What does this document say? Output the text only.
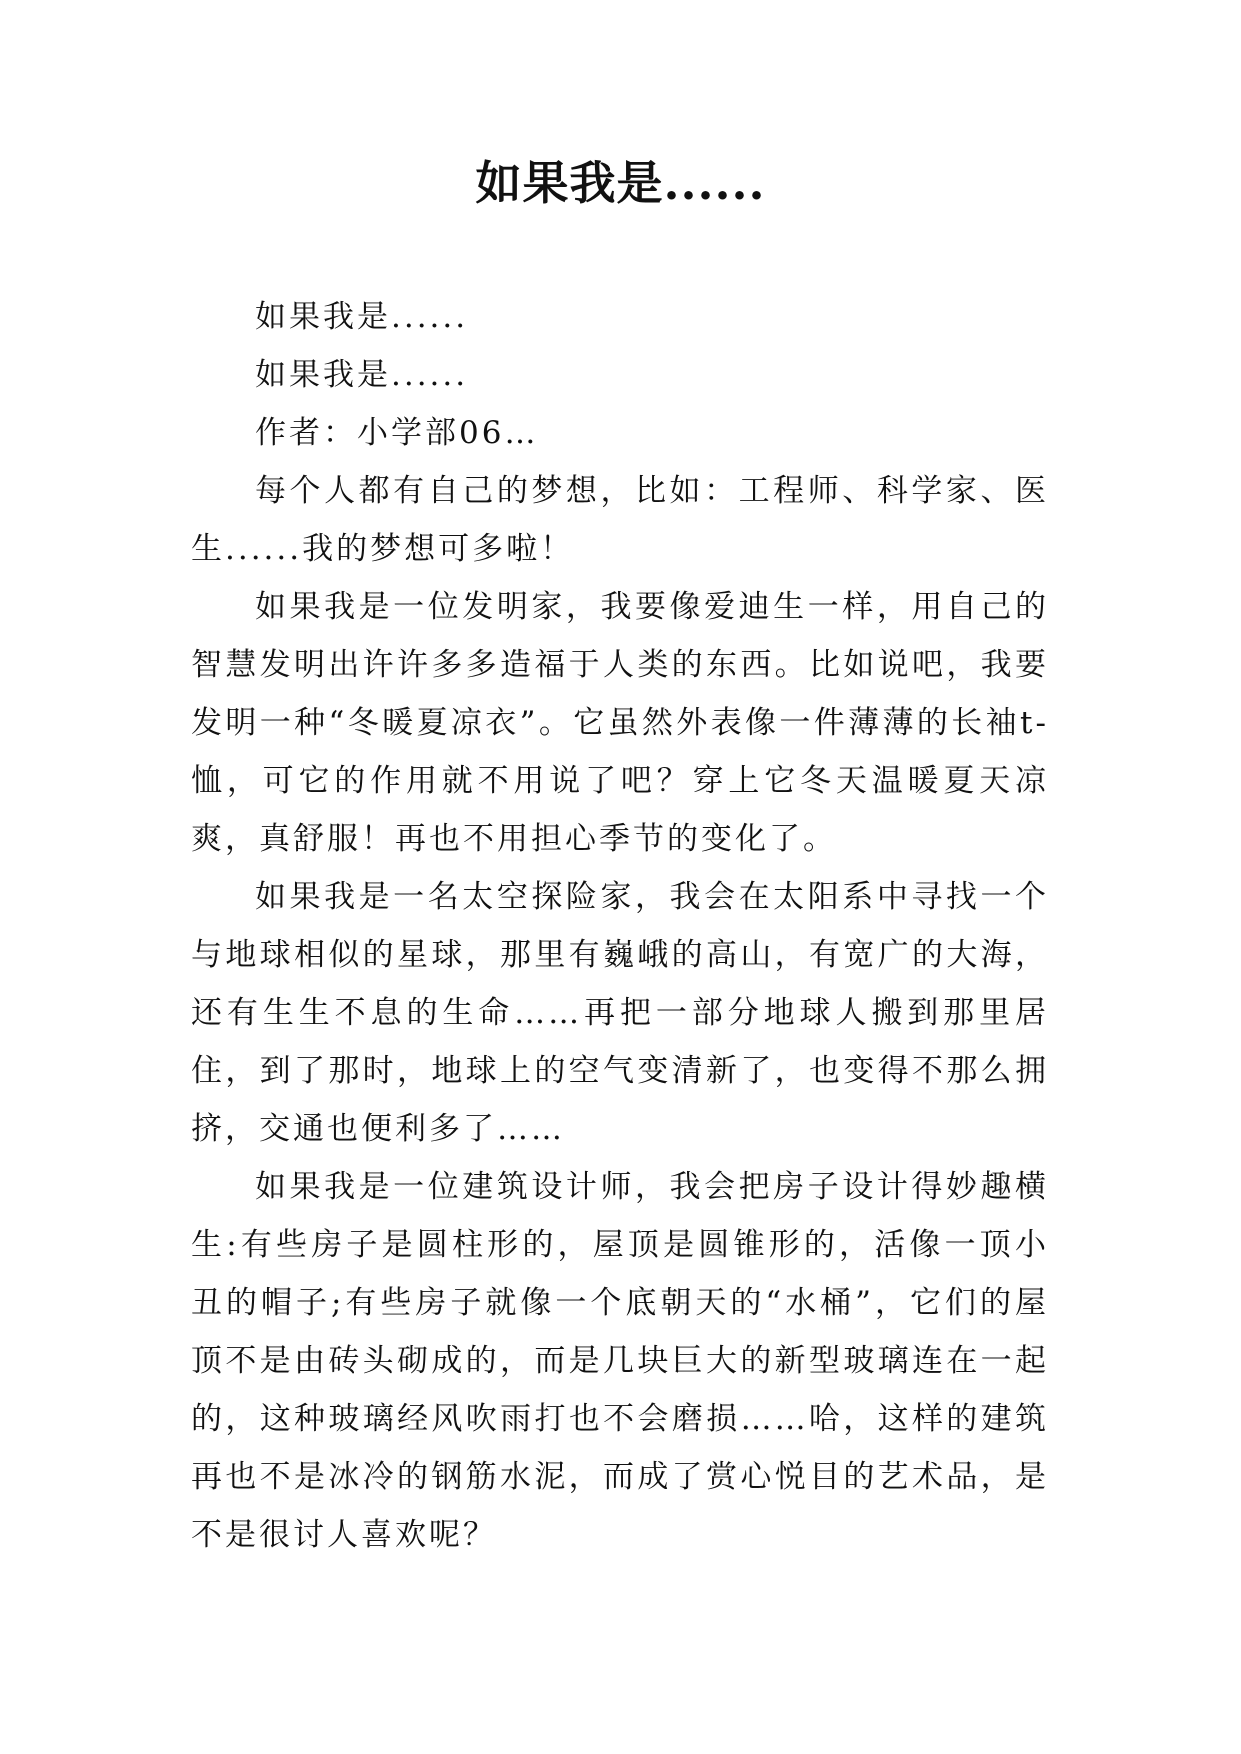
如果我是......

如果我是......

如果我是......

作者：小学部06…

每个人都有自己的梦想，比如：工程师、科学家、医生......我的梦想可多啦！

如果我是一位发明家，我要像爱迪生一样，用自己的智慧发明出许许多多造福于人类的东西。比如说吧，我要发明一种“冬暖夏凉衣”。它虽然外表像一件薄薄的长袖t-恤，可它的作用就不用说了吧？穿上它冬天温暖夏天凉爽，真舒服！再也不用担心季节的变化了。

如果我是一名太空探险家，我会在太阳系中寻找一个与地球相似的星球，那里有巍峨的高山，有宽广的大海，还有生生不息的生命……再把一部分地球人搬到那里居住，到了那时，地球上的空气变清新了，也变得不那么拥挤，交通也便利多了……

如果我是一位建筑设计师，我会把房子设计得妙趣横生:有些房子是圆柱形的，屋顶是圆锥形的，活像一顶小丑的帽子;有些房子就像一个底朝天的“水桶”，它们的屋顶不是由砖头砌成的，而是几块巨大的新型玻璃连在一起的，这种玻璃经风吹雨打也不会磨损……哈，这样的建筑再也不是冰冷的钢筋水泥，而成了赏心悦目的艺术品，是不是很讨人喜欢呢？
